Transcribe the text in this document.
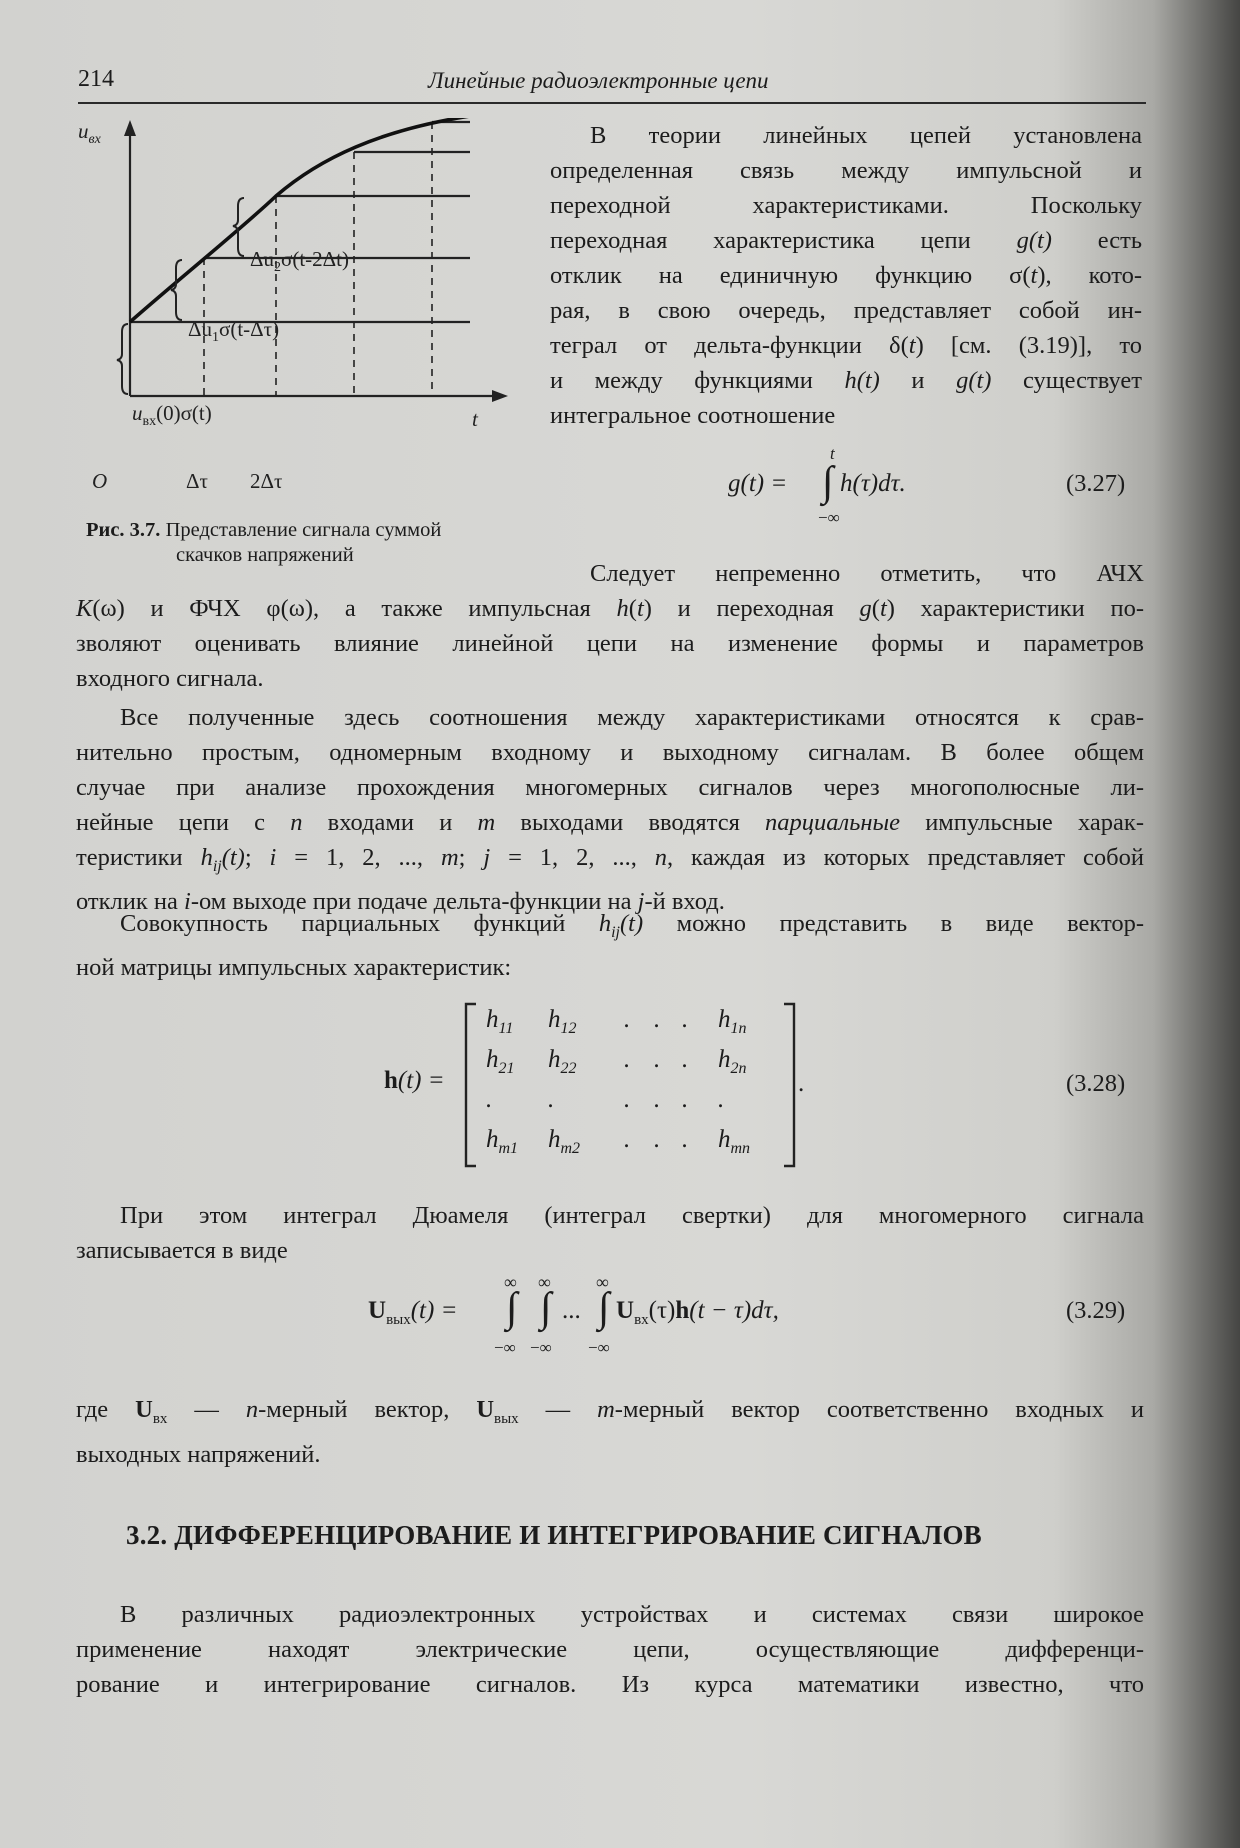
214	Линейные радиоэлектронные цепи
$u_{вх}$
t
O	Δτ 2Δτ
$u_{вх}(0)\sigma(t)$
$\Delta u_1\sigma(t-\Delta\tau)$
$\Delta u_2\sigma(t-2\Delta t)$
Рис. 3.7. Представление сигнала суммой
скачков напряжений
В теории линейных цепей установлена
определенная связь между импульсной и
переходной характеристиками. Поскольку
переходная характеристика цепи g(t) есть
отклик на единичную функцию σ(t), кото-
рая, в свою очередь, представляет собой ин-
теграл от дельта-функции δ(t) [см. (3.19)], то
и между функциями h(t) и g(t) существует
интегральное соотношение
g(t) =
t
∫ h(τ)dτ.
−∞
(3.27)
Следует непременно отметить, что АЧХ
K(ω) и ФЧХ φ(ω), а также импульсная h(t) и переходная g(t) характеристики по-
зволяют оценивать влияние линейной цепи на изменение формы и параметров
входного сигнала.
Все полученные здесь соотношения между характеристиками относятся к срав-
нительно простым, одномерным входному и выходному сигналам. В более общем
случае при анализе прохождения многомерных сигналов через многополюсные ли-
нейные цепи с n входами и m выходами вводятся парциальные импульсные харак-
теристики $h_{ij}(t)$; i = 1, 2, ..., m; j = 1, 2, ..., n, каждая из которых представляет собой
отклик на i-ом выходе при подаче дельта-функции на j-й вход.
Совокупность парциальных функций $h_{ij}(t)$ можно представить в виде вектор-
ной матрицы импульсных характеристик:
h(t) =
$h_{11}$ $h_{12}$ . . . $h_{1n}$
$h_{21}$ $h_{22}$ . . . $h_{2n}$
. .	. . . .
$h_{m1}$ $h_{m2}$ . . . $h_{mn}$
.	(3.28)
При этом интеграл Дюамеля (интеграл свертки) для многомерного сигнала
записывается в виде
$U_{вых}(t)$ =
∞ ∞	∞
∫ ∫ ... ∫ $U_{вх}(\tau)h(t - \tau)d\tau$,
−∞ −∞ −∞
(3.29)
где $U_{вх}$ — n-мерный вектор, $U_{вых}$ — m-мерный вектор соответственно входных и
выходных напряжений.
3.2. ДИФФЕРЕНЦИРОВАНИЕ И ИНТЕГРИРОВАНИЕ СИГНАЛОВ
В различных радиоэлектронных устройствах и системах связи широкое
применение находят электрические цепи, осуществляющие дифференци-
рование и интегрирование сигналов. Из курса математики известно, что
